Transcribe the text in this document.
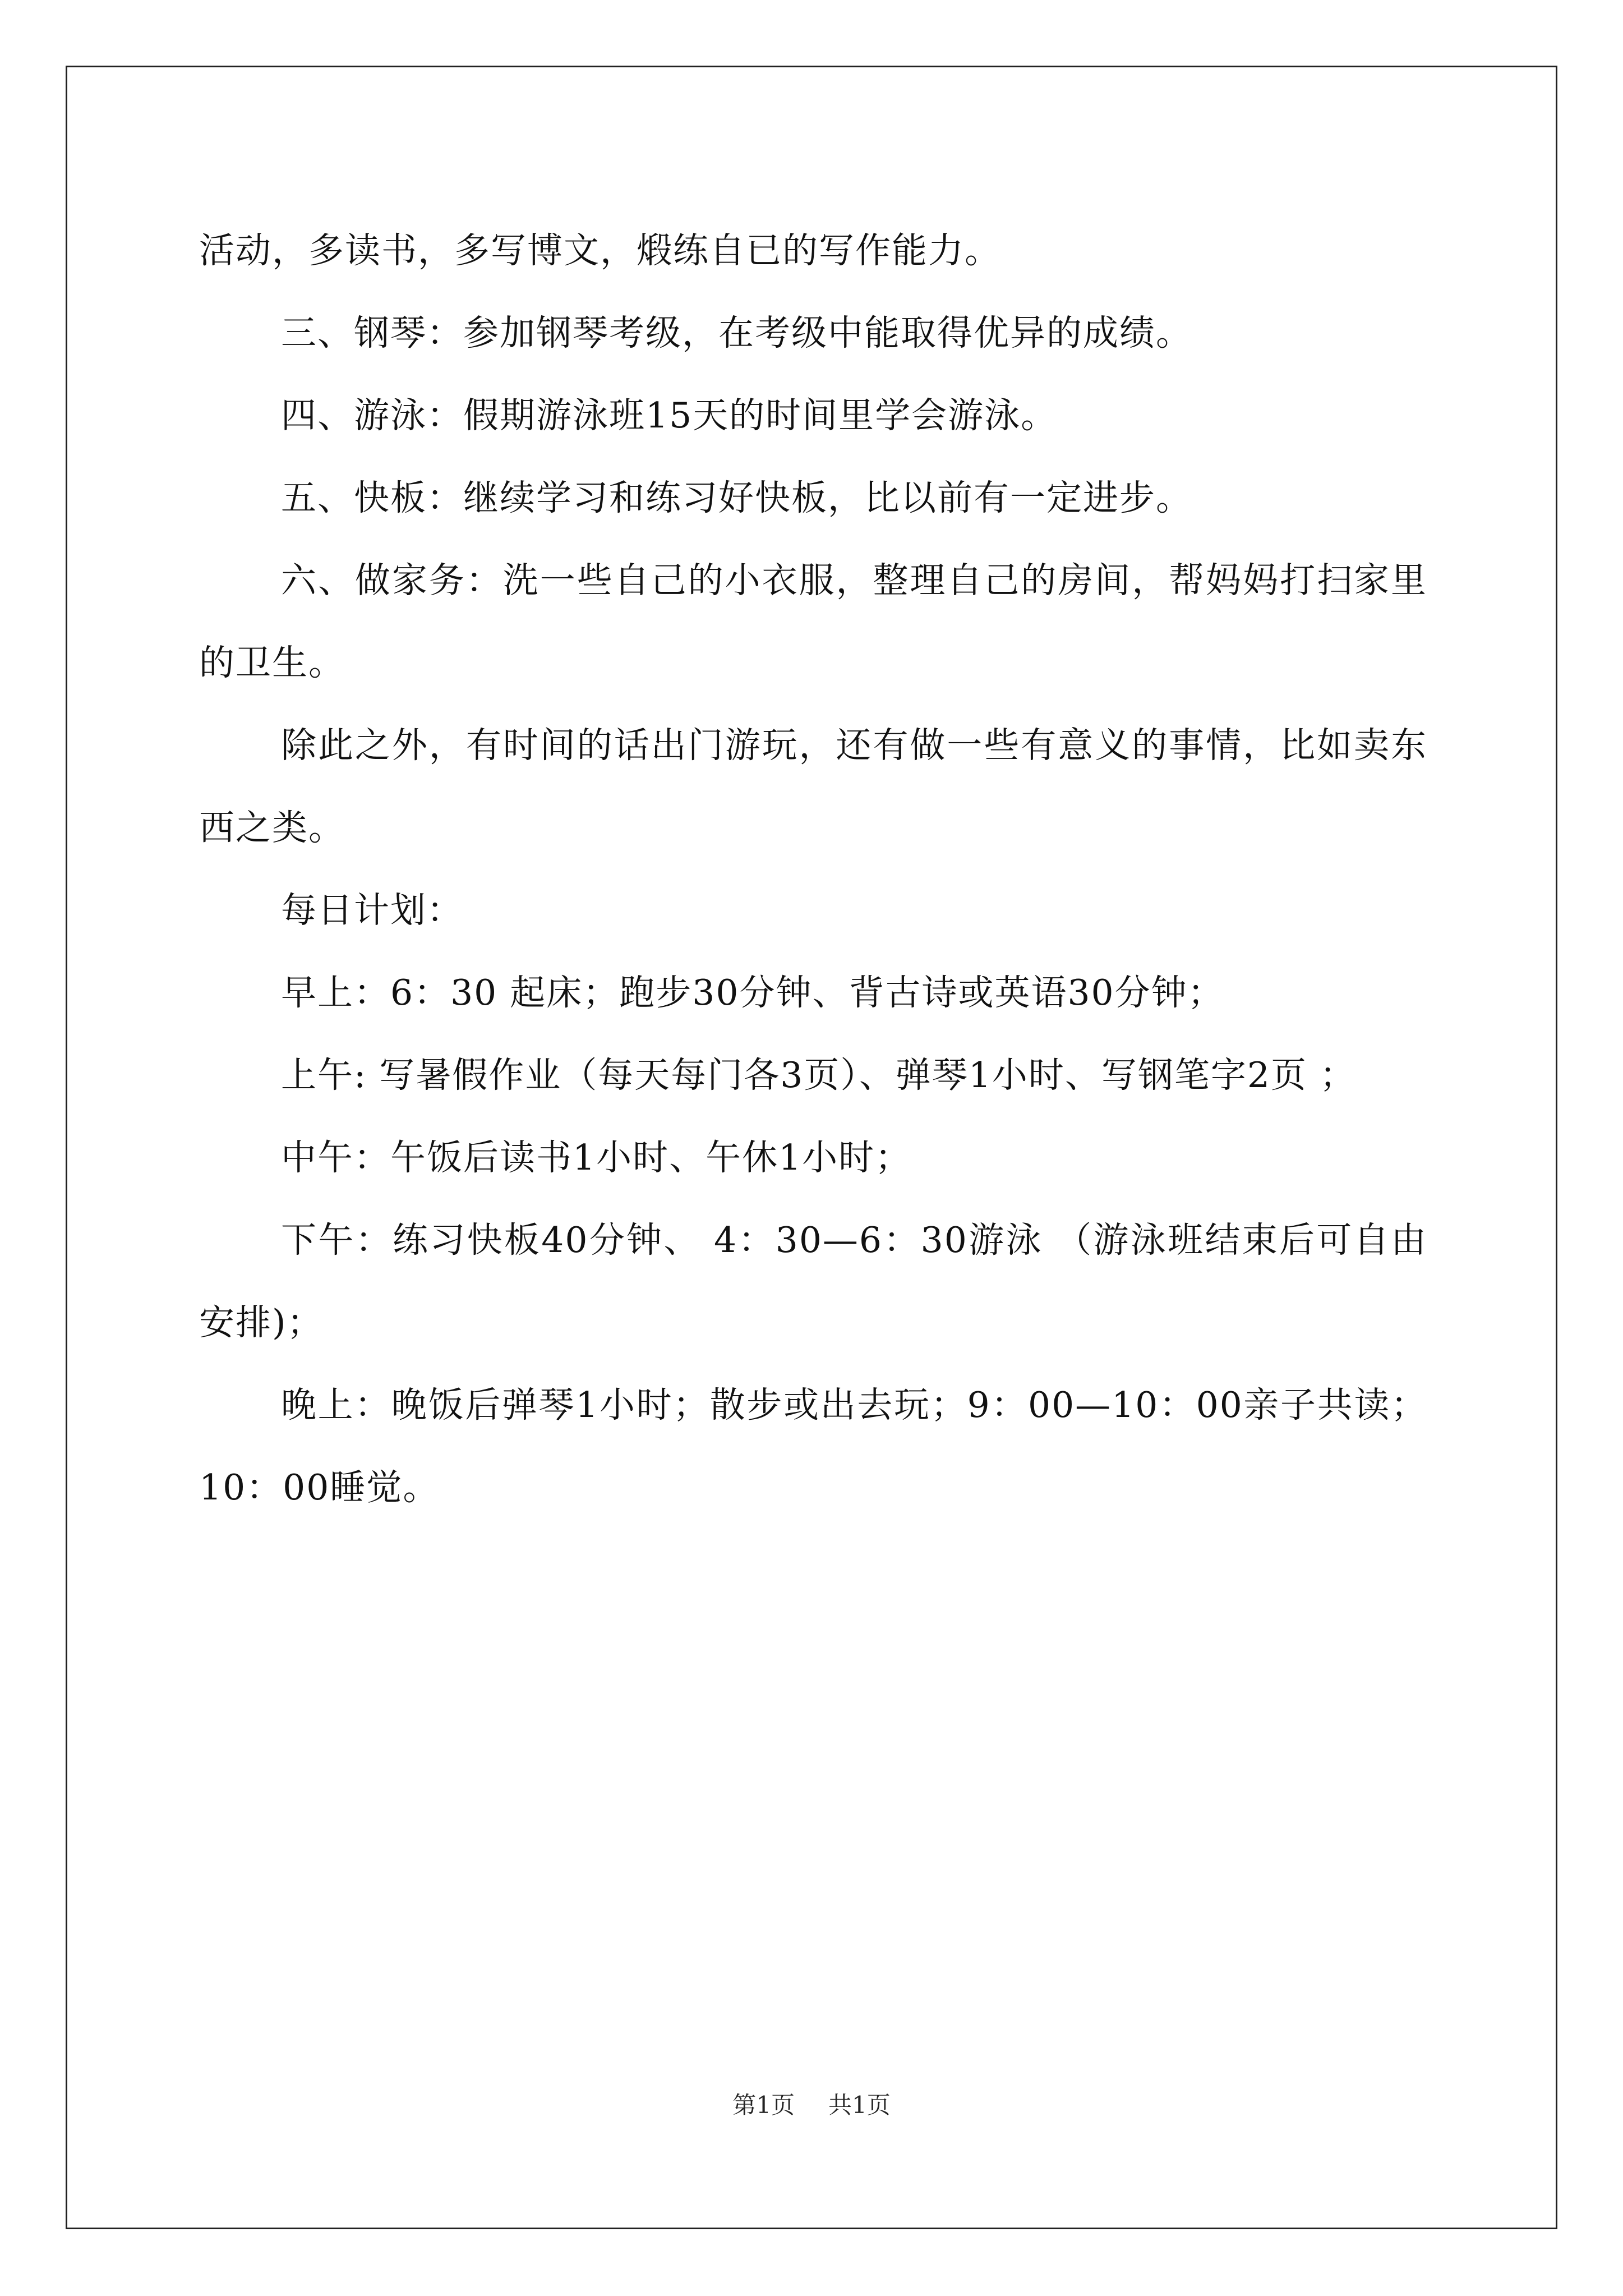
活动，多读书，多写博文，煅练自已的写作能力。

三、钢琴：参加钢琴考级，在考级中能取得优异的成绩。

四、游泳：假期游泳班15天的时间里学会游泳。

五、快板：继续学习和练习好快板，比以前有一定进步。

六、做家务：洗一些自己的小衣服，整理自己的房间，帮妈妈打扫家里的卫生。

除此之外，有时间的话出门游玩，还有做一些有意义的事情，比如卖东西之类。

每日计划：

早上：6：30 起床；跑步30分钟、背古诗或英语30分钟；

上午: 写暑假作业（每天每门各3页）、弹琴1小时、写钢笔字2页 ；

中午：午饭后读书1小时、午休1小时；

下午：练习快板40分钟、 4：30—6：30游泳 （游泳班结束后可自由安排)；

晚上：晚饭后弹琴1小时；散步或出去玩；9：00—10：00亲子共读；10：00睡觉。

第1页 共1页
